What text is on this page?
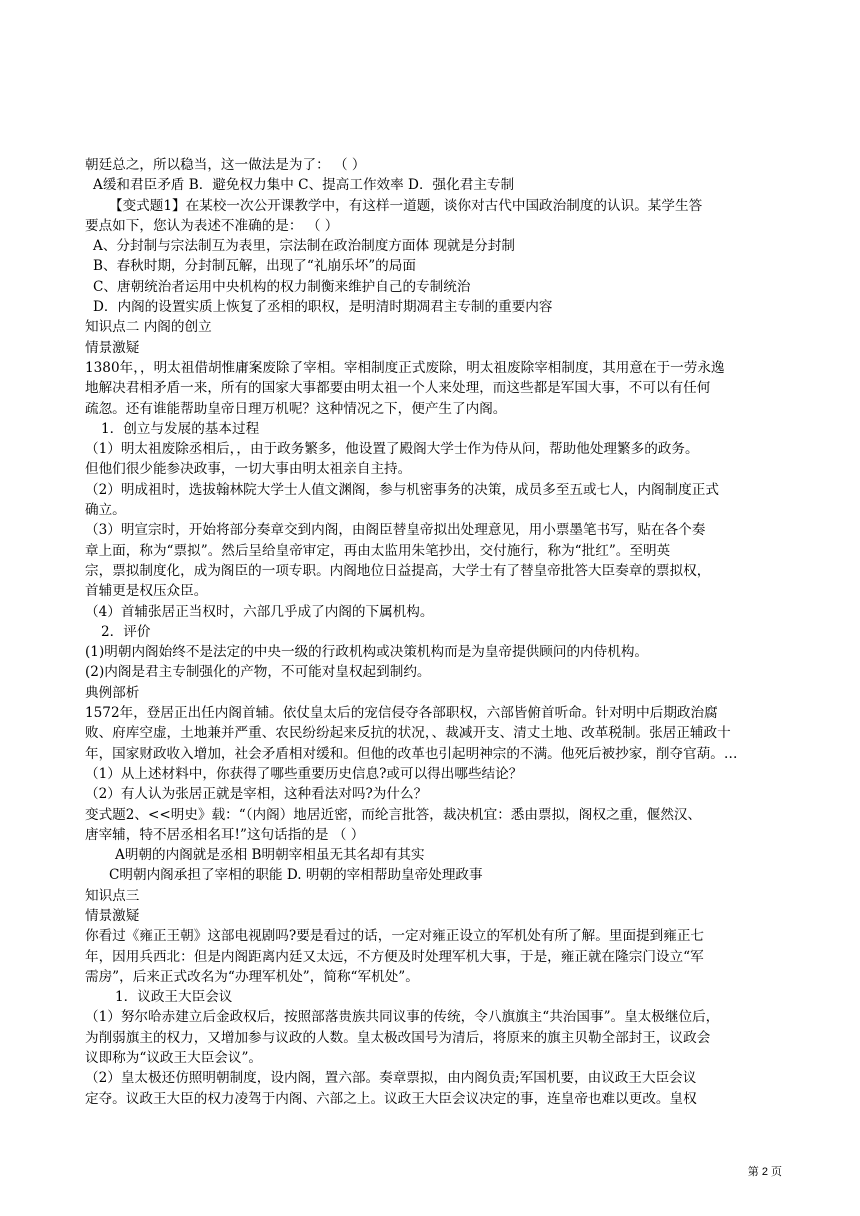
朝廷总之，所以稳当，这一做法是为了： （ ）
A缓和君臣矛盾 B．避免权力集中 C、提高工作效率 D．强化君主专制
【变式题1】在某校一次公开课教学中，有这样一道题，谈你对古代中国政治制度的认识。某学生答
要点如下，您认为表述不准确的是： （ ）
A、分封制与宗法制互为表里，宗法制在政治制度方面体 现就是分封制
B、春秋时期，分封制瓦解，出现了“礼崩乐坏”的局面
C、唐朝统治者运用中央机构的权力制衡来维护自己的专制统治
D．内阁的设置实质上恢复了丞相的职权，是明清时期凋君主专制的重要内容
知识点二 内阁的创立
情景激疑
1380年，，明太祖借胡惟庸案废除了宰相。宰相制度正式废除，明太祖废除宰相制度，其用意在于一劳永逸
地解决君相矛盾一来，所有的国家大事都要由明太祖一个人来处理，而这些都是军国大事，不可以有任何
疏忽。还有谁能帮助皇帝日理万机呢？这种情况之下，便产生了内阁。
1．创立与发展的基本过程
（1）明太祖废除丞相后，，由于政务繁多，他设置了殿阁大学士作为侍从问，帮助他处理繁多的政务。
但他们很少能参决政事，一切大事由明太祖亲自主持。
（2）明成祖时，选拔翰林院大学士人值文渊阁，参与机密事务的决策，成员多至五或七人，内阁制度正式
确立。
（3）明宣宗时，开始将部分奏章交到内阁，由阁臣替皇帝拟出处理意见，用小票墨笔书写，贴在各个奏
章上面，称为“票拟”。然后呈给皇帝审定，再由太监用朱笔抄出，交付施行，称为“批红”。至明英
宗，票拟制度化，成为阁臣的一项专职。内阁地位日益提高，大学士有了替皇帝批答大臣奏章的票拟权，
首辅更是权压众臣。
（4）首辅张居正当权时，六部几乎成了内阁的下属机构。
2．评价
(1)明朝内阁始终不是法定的中央一级的行政机构或决策机构而是为皇帝提供顾问的内侍机构。
(2)内阁是君主专制强化的产物，不可能对皇权起到制约。
典例部析
1572年，登居正出任内阁首辅。依仗皇太后的宠信侵夺各部职权，六部皆俯首听命。针对明中后期政治腐
败、府库空虚，土地兼并严重、农民纷纷起来反抗的状况，、裁减开支、清丈土地、改革税制。张居正辅政十
年，国家财政收入增加，社会矛盾相对缓和。但他的改革也引起明神宗的不满。他死后被抄家，削夺官葫。…
（1）从上述材料中，你获得了哪些重要历史信息?或可以得出哪些结论？
（2）有人认为张居正就是宰相，这种看法对吗?为什么？
变式题2、<<明史》载：“（内阁）地居近密，而纶言批答，裁决机宜：悉由票拟，阁权之重，偃然汉、
唐宰辅，特不居丞相名耳!”这句话指的是 （ ）
A明朝的内阁就是丞相 B明朝宰相虽无其名却有其实
C明朝内阁承担了宰相的职能 D. 明朝的宰相帮助皇帝处理政事
知识点三
情景激疑
你看过《雍正王朝》这部电视剧吗?要是看过的话，一定对雍正设立的军机处有所了解。里面提到雍正七
年，因用兵西北：但是内阁距离内廷又太远，不方便及时处理军机大事，于是，雍正就在隆宗门设立“军
需房”，后来正式改名为“办理军机处”，简称“军机处”。
1．议政王大臣会议
（1）努尔哈赤建立后金政权后，按照部落贵族共同议事的传统，令八旗旗主“共治国事”。皇太极继位后，
为削弱旗主的权力，又增加参与议政的人数。皇太极改国号为清后，将原来的旗主贝勒全部封王，议政会
议即称为“议政王大臣会议”。
（2）皇太极还仿照明朝制度，设内阁，置六部。奏章票拟，由内阁负责;军国机要，由议政王大臣会议
定夺。议政王大臣的权力凌驾于内阁、六部之上。议政王大臣会议决定的事，连皇帝也难以更改。皇权
第 2 页
